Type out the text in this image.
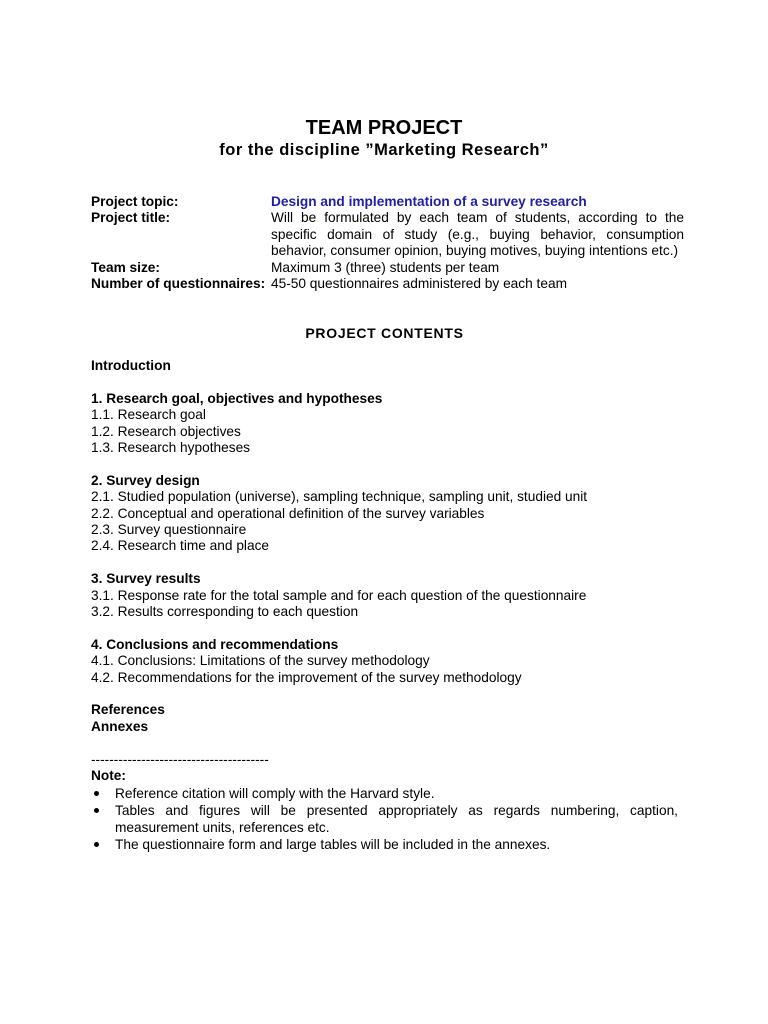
TEAM PROJECT
for the discipline ”Marketing Research”
Project topic:	Design and implementation of a survey research
Project title:	Will be formulated by each team of students, according to the specific domain of study (e.g., buying behavior, consumption behavior, consumer opinion, buying motives, buying intentions etc.)
Team size:	Maximum 3 (three) students per team
Number of questionnaires: 45-50 questionnaires administered by each team
PROJECT CONTENTS
Introduction
1. Research goal, objectives and hypotheses
1.1. Research goal
1.2. Research objectives
1.3. Research hypotheses
2. Survey design
2.1. Studied population (universe), sampling technique, sampling unit, studied unit
2.2. Conceptual and operational definition of the survey variables
2.3. Survey questionnaire
2.4. Research time and place
3. Survey results
3.1. Response rate for the total sample and for each question of the questionnaire
3.2. Results corresponding to each question
4. Conclusions and recommendations
4.1. Conclusions: Limitations of the survey methodology
4.2. Recommendations for the improvement of the survey methodology
References
Annexes
---------------------------------------
Note:
Reference citation will comply with the Harvard style.
Tables and figures will be presented appropriately as regards numbering, caption, measurement units, references etc.
The questionnaire form and large tables will be included in the annexes.
